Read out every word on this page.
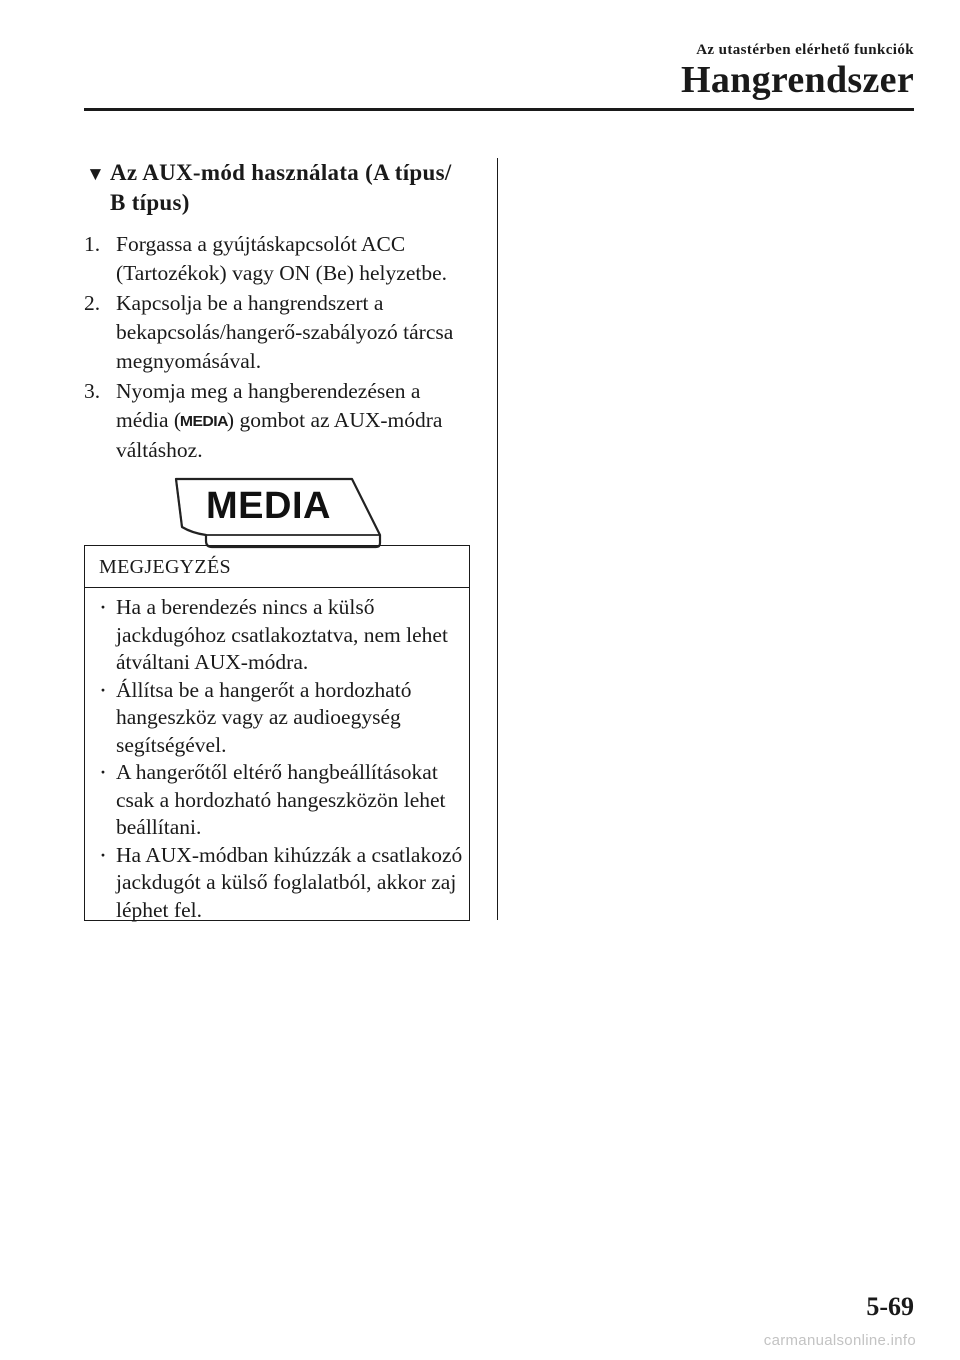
Az utastérben elérhető funkciók
Hangrendszer
▼ Az AUX-mód használata (A típus/
B típus)
1. Forgassa a gyújtáskapcsolót ACC (Tartozékok) vagy ON (Be) helyzetbe.
2. Kapcsolja be a hangrendszert a bekapcsolás/hangerő-szabályozó tárcsa megnyomásával.
3. Nyomja meg a hangberendezésen a média (MEDIA) gombot az AUX-módra váltáshoz.
MEDIA
MEGJEGYZÉS
· Ha a berendezés nincs a külső jackdugóhoz csatlakoztatva, nem lehet átváltani AUX-módra.
· Állítsa be a hangerőt a hordozható hangeszköz vagy az audioegység segítségével.
· A hangerőtől eltérő hangbeállításokat csak a hordozható hangeszközön lehet beállítani.
· Ha AUX-módban kihúzzák a csatlakozó jackdugót a külső foglalatból, akkor zaj léphet fel.
5-69
carmanualsonline.info
